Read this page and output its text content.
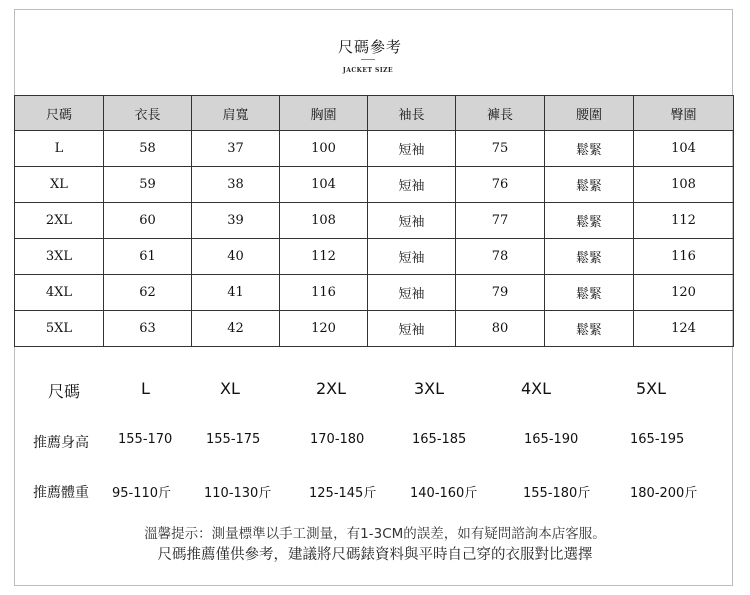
尺碼參考
JACKET SIZE
尺碼	衣長	肩寬	胸圍	袖長	褲長	腰圍	臀圍
L	58	37	100	短袖	75	鬆緊	104
XL	59	38	104	短袖	76	鬆緊	108
2XL	60	39	108	短袖	77	鬆緊	112
3XL	61	40	112	短袖	78	鬆緊	116
4XL	62	41	116	短袖	79	鬆緊	120
5XL	63	42	120	短袖	80	鬆緊	124
尺碼	L	XL	2XL	3XL	4XL	5XL
推薦身高 155-170	155-175	170-180	165-185	165-190	165-195
推薦體重 95-110斤	110-130斤	125-145斤	140-160斤	155-180斤	180-200斤
溫馨提示：測量標準以手工測量，有1-3CM的誤差，如有疑問諮詢本店客服。
尺碼推薦僅供參考，建議將尺碼錶資料與平時自己穿的衣服對比選擇
